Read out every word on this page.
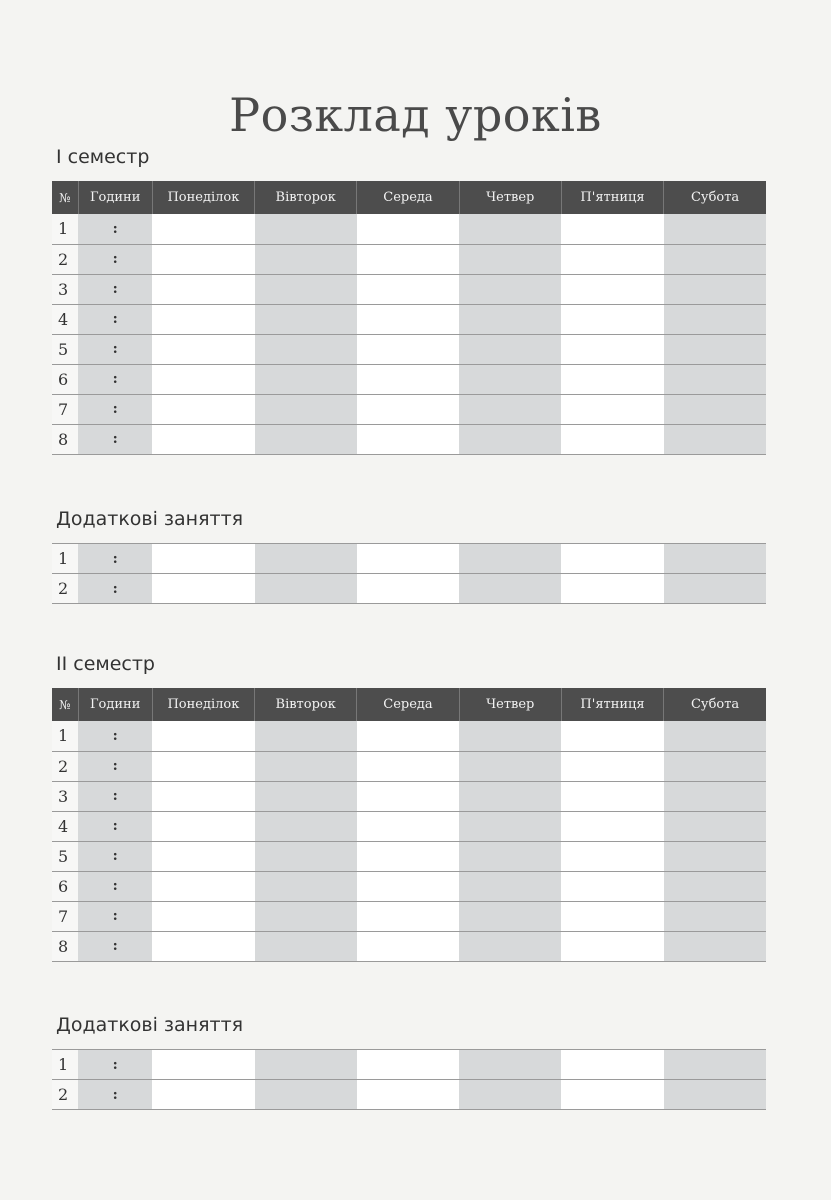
Розклад уроків
I семестр
№	Години	Понеділок	Вівторок	Середа	Четвер	П'ятниця	Субота
1	:						
2	:						
3	:						
4	:						
5	:						
6	:						
7	:						
8	:						
Додаткові заняття
1	:						
2	:						
II семестр
№	Години	Понеділок	Вівторок	Середа	Четвер	П'ятниця	Субота
1	:						
2	:						
3	:						
4	:						
5	:						
6	:						
7	:						
8	:						
Додаткові заняття
1	:						
2	:						
